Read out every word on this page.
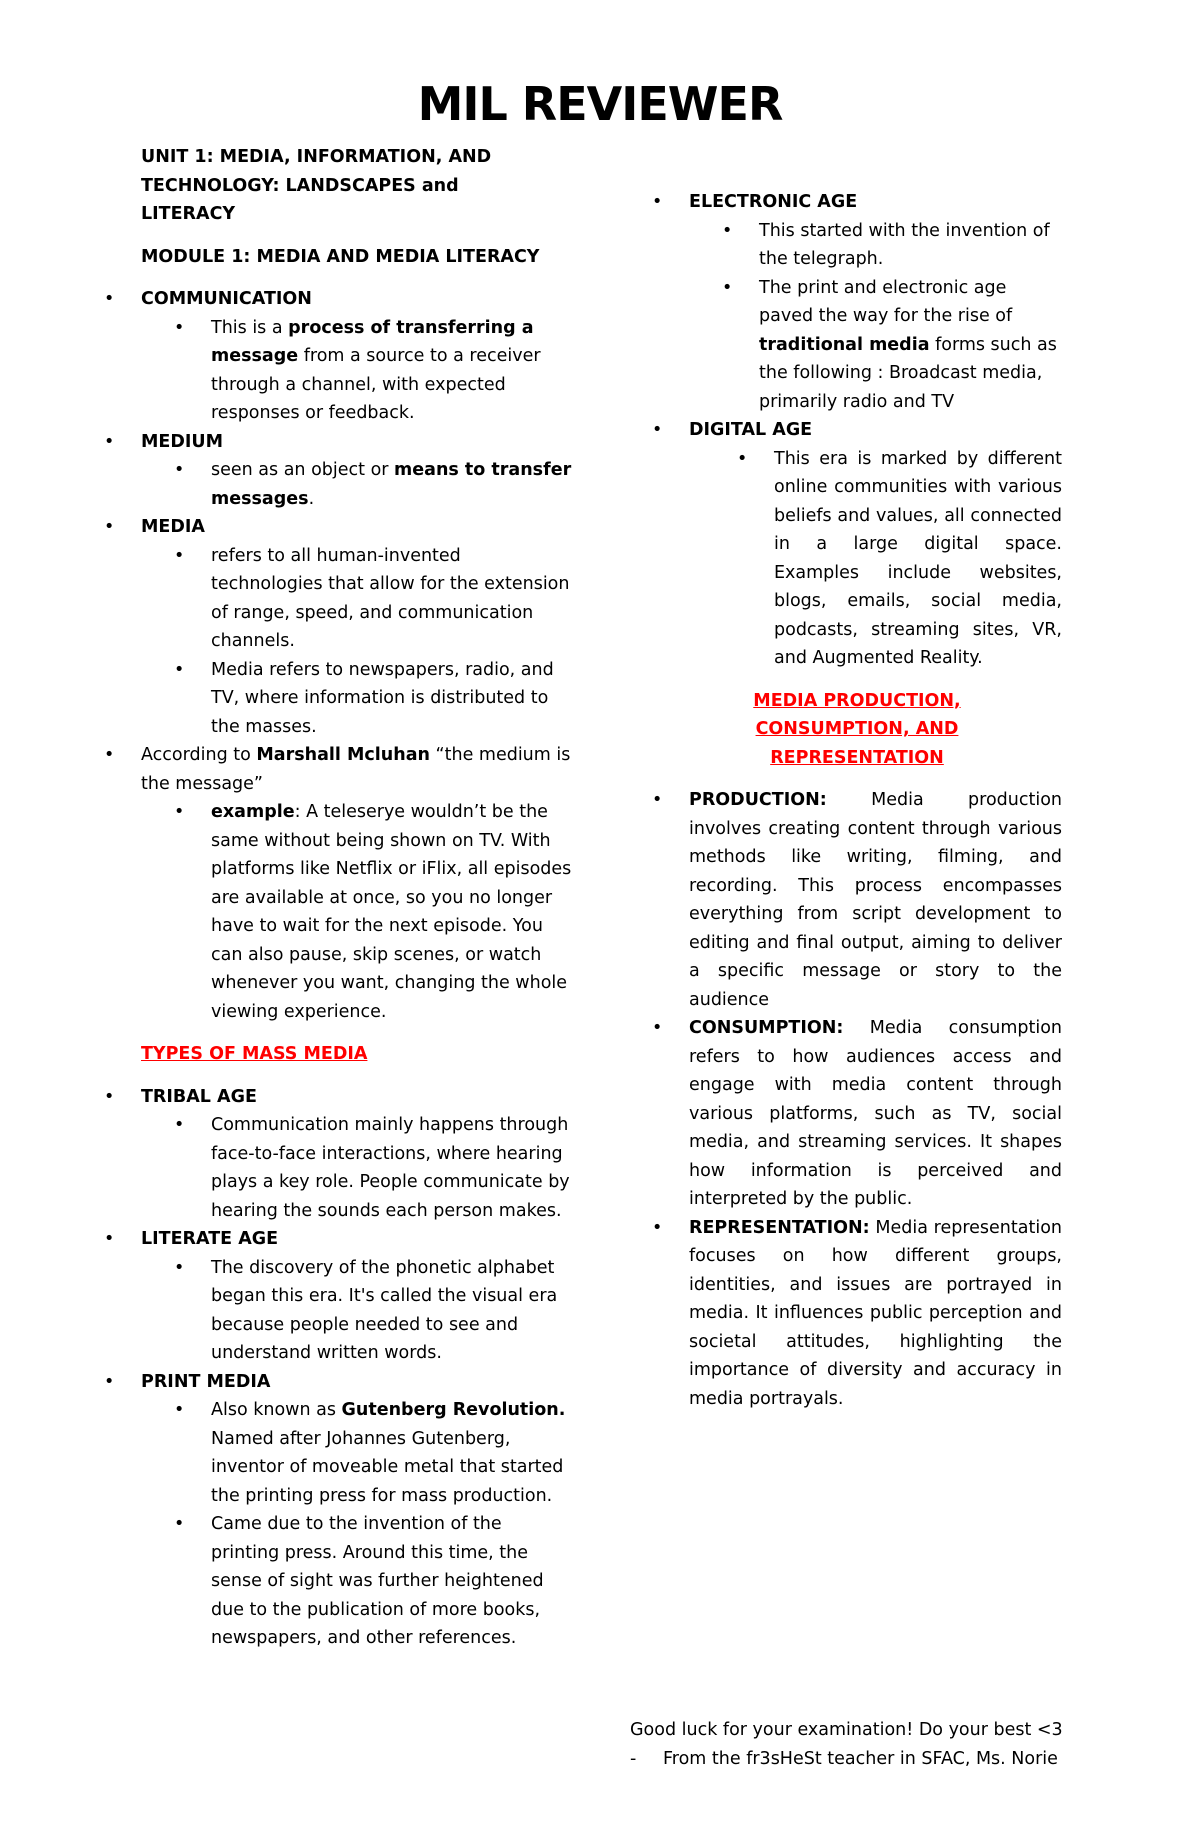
MIL REVIEWER
UNIT 1: MEDIA, INFORMATION, AND TECHNOLOGY: LANDSCAPES and LITERACY
MODULE 1: MEDIA AND MEDIA LITERACY
• COMMUNICATION
• This is a process of transferring a message from a source to a receiver through a channel, with expected responses or feedback.
• MEDIUM
• seen as an object or means to transfer messages.
• MEDIA
• refers to all human-invented technologies that allow for the extension of range, speed, and communication channels.
• Media refers to newspapers, radio, and TV, where information is distributed to the masses.
• According to Marshall Mcluhan “the medium is the message”
• example: A teleserye wouldn’t be the same without being shown on TV. With platforms like Netflix or iFlix, all episodes are available at once, so you no longer have to wait for the next episode. You can also pause, skip scenes, or watch whenever you want, changing the whole viewing experience.
TYPES OF MASS MEDIA
• TRIBAL AGE
• Communication mainly happens through face-to-face interactions, where hearing plays a key role. People communicate by hearing the sounds each person makes.
• LITERATE AGE
• The discovery of the phonetic alphabet began this era. It's called the visual era because people needed to see and understand written words.
• PRINT MEDIA
• Also known as Gutenberg Revolution. Named after Johannes Gutenberg, inventor of moveable metal that started the printing press for mass production.
• Came due to the invention of the printing press. Around this time, the sense of sight was further heightened due to the publication of more books, newspapers, and other references.
• ELECTRONIC AGE
• This started with the invention of the telegraph.
• The print and electronic age paved the way for the rise of traditional media forms such as the following : Broadcast media, primarily radio and TV
• DIGITAL AGE
• This era is marked by different online communities with various beliefs and values, all connected in a large digital space. Examples include websites, blogs, emails, social media, podcasts, streaming sites, VR, and Augmented Reality.
MEDIA PRODUCTION, CONSUMPTION, AND REPRESENTATION
• PRODUCTION: Media production involves creating content through various methods like writing, filming, and recording. This process encompasses everything from script development to editing and final output, aiming to deliver a specific message or story to the audience
• CONSUMPTION: Media consumption refers to how audiences access and engage with media content through various platforms, such as TV, social media, and streaming services. It shapes how information is perceived and interpreted by the public.
• REPRESENTATION: Media representation focuses on how different groups, identities, and issues are portrayed in media. It influences public perception and societal attitudes, highlighting the importance of diversity and accuracy in media portrayals.
Good luck for your examination! Do your best <3
- From the fr3sHeSt teacher in SFAC, Ms. Norie
